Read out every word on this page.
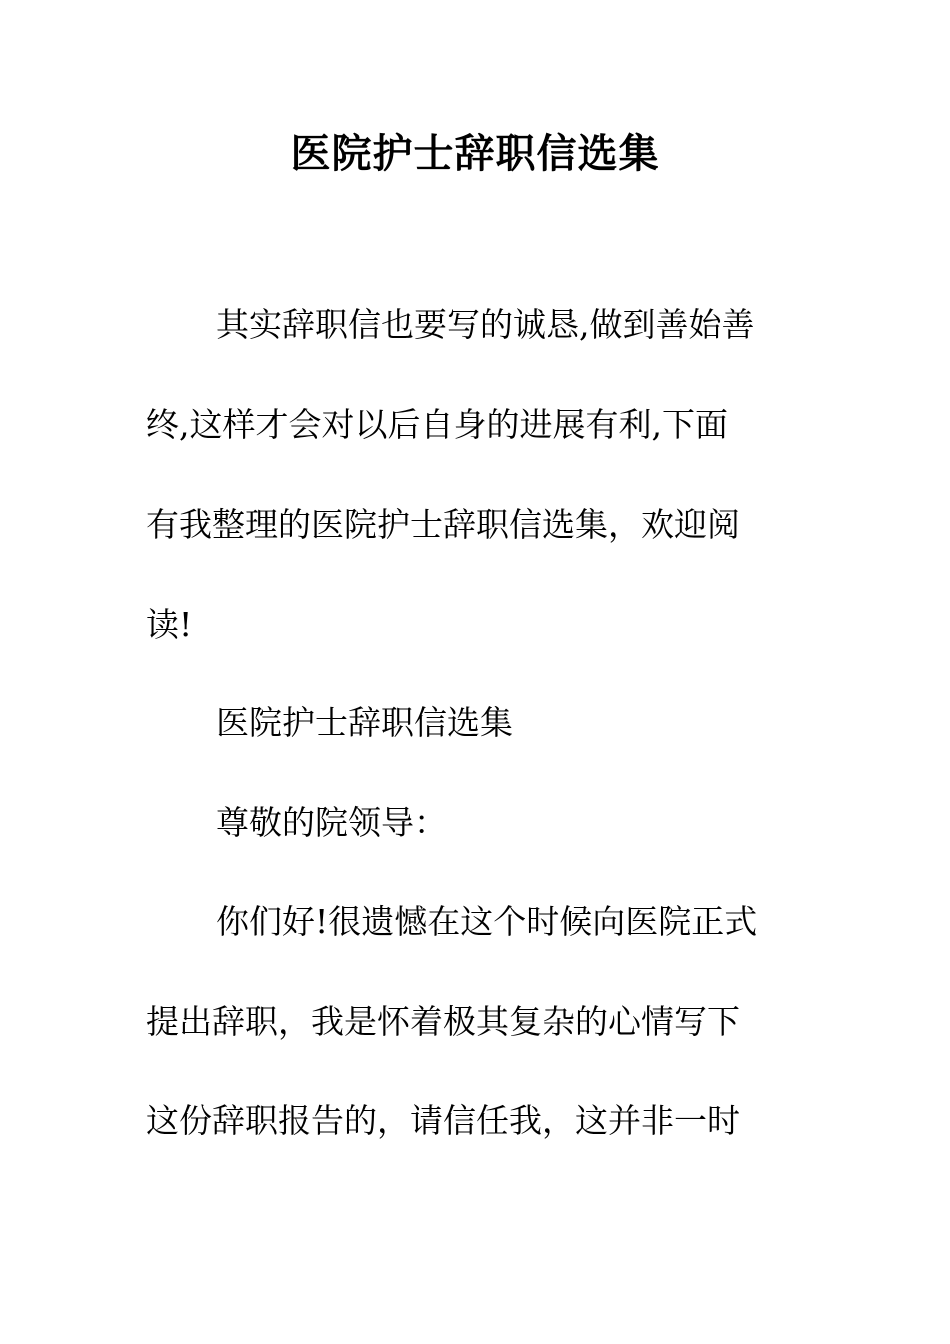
医院护士辞职信选集
其实辞职信也要写的诚恳,做到善始善
终,这样才会对以后自身的进展有利,下面
有我整理的医院护士辞职信选集，欢迎阅
读!
医院护士辞职信选集
尊敬的院领导：
你们好!很遗憾在这个时候向医院正式
提出辞职，我是怀着极其复杂的心情写下
这份辞职报告的，请信任我，这并非一时
